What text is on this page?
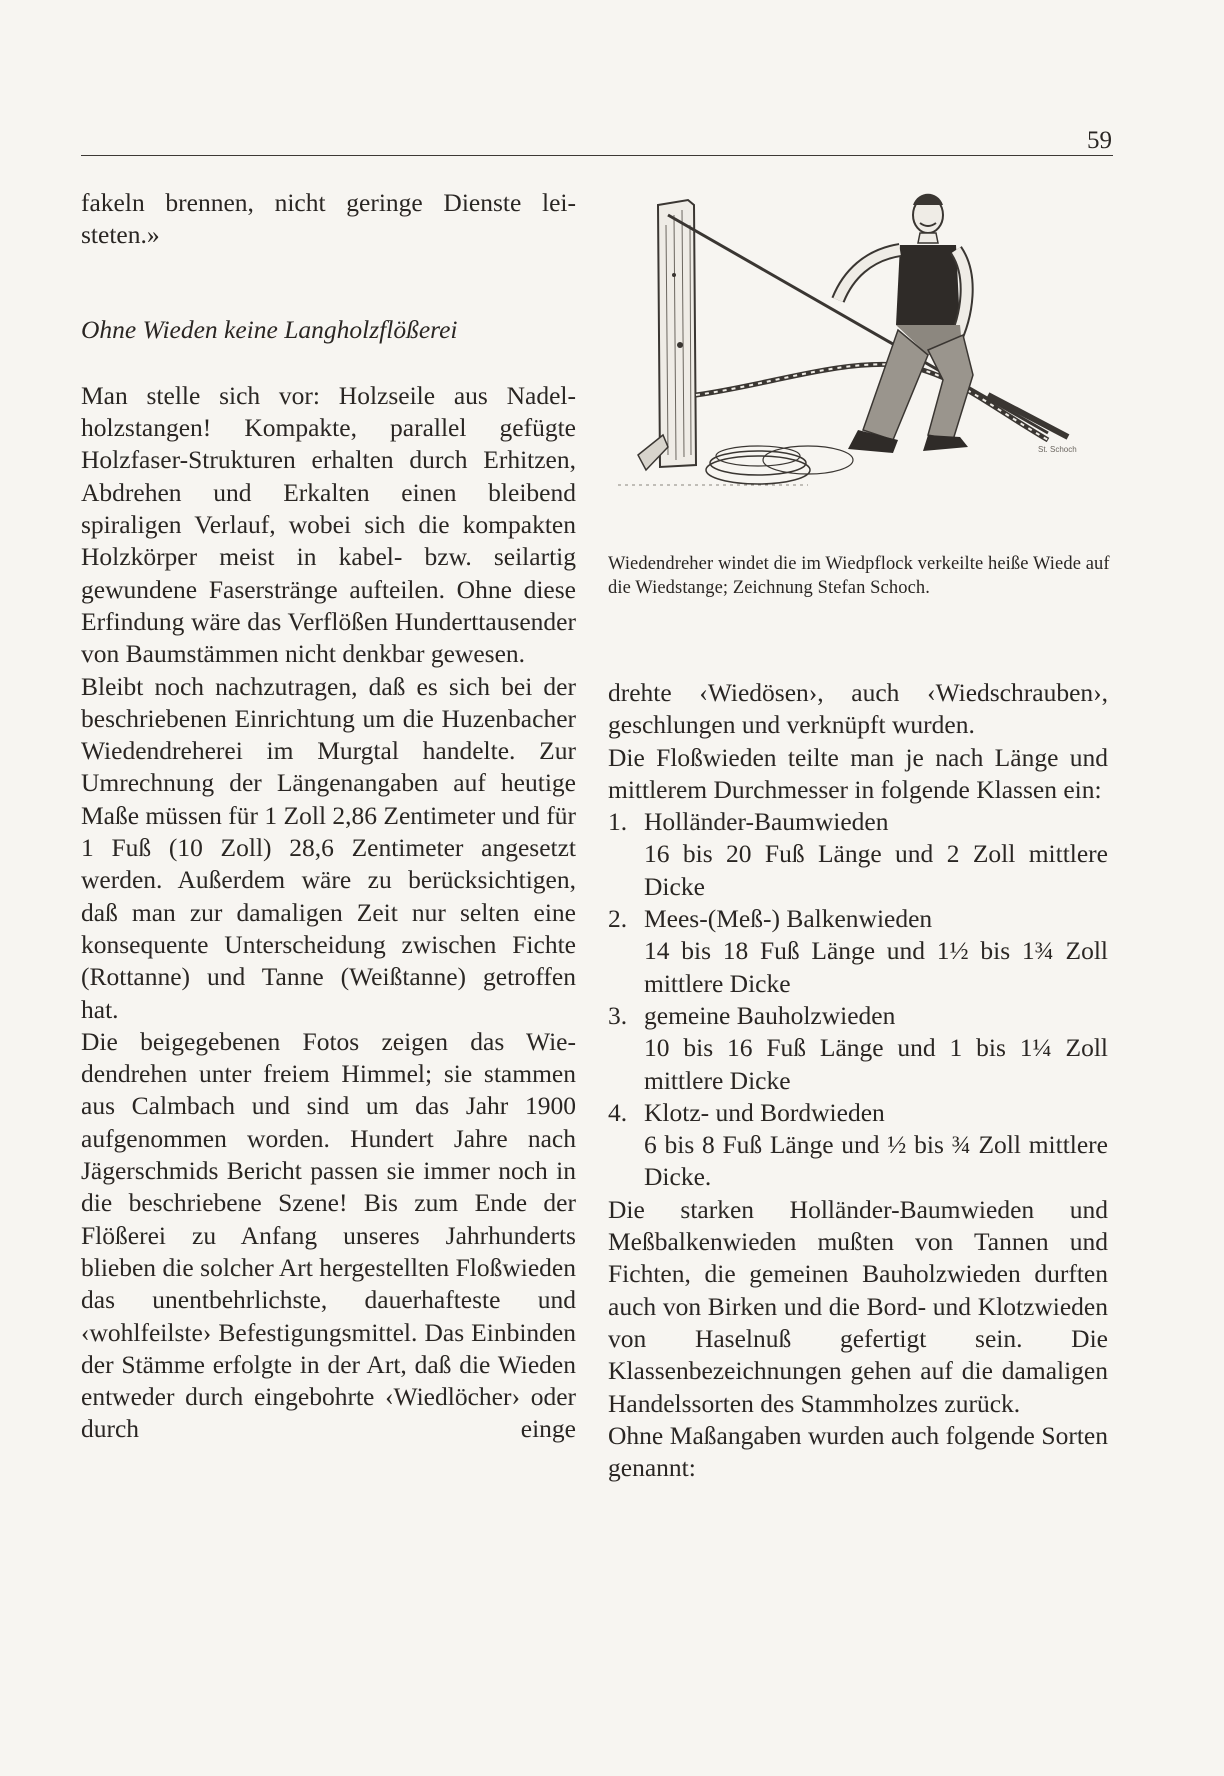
59

fakeln brennen, nicht geringe Dienste lei-

steten.»

Ohne Wieden keine Langholzflößerei

Man stelle sich vor: Holzseile aus Nadelholzstangen! Kompakte, parallel gefügte Holzfaser-Strukturen erhalten durch Erhitzen, Abdrehen und Erkalten einen bleibend spiraligen Verlauf, wobei sich die kompakten Holzkörper meist in kabel- bzw. seilartig gewundene Faserstränge aufteilen. Ohne diese Erfindung wäre das Verflößen Hunderttausender von Baumstämmen nicht denkbar gewesen.

Bleibt noch nachzutragen, daß es sich bei der beschriebenen Einrichtung um die Huzenbacher Wiedendreherei im Murgtal handelte. Zur Umrechnung der Längenangaben auf heutige Maße müssen für 1 Zoll 2,86 Zentimeter und für 1 Fuß (10 Zoll) 28,6 Zentimeter angesetzt werden. Außerdem wäre zu berücksichtigen, daß man zur damaligen Zeit nur selten eine konsequente Unterscheidung zwischen Fichte (Rottanne) und Tanne (Weißtanne) getroffen hat.

Die beigegebenen Fotos zeigen das Wiedendrehen unter freiem Himmel; sie stammen aus Calmbach und sind um das Jahr 1900 aufgenommen worden. Hundert Jahre nach Jägerschmids Bericht passen sie immer noch in die beschriebene Szene! Bis zum Ende der Flößerei zu Anfang unseres Jahrhunderts blieben die solcher Art hergestellten Floßwieden das unentbehrlichste, dauerhafteste und ‹wohlfeilste› Befestigungsmittel. Das Einbinden der Stämme erfolgte in der Art, daß die Wieden entweder durch eingebohrte ‹Wiedlöcher› oder durch einge

St. Schoch
Wiedendreher windet die im Wiedpflock verkeilte heiße Wiede auf die Wiedstange; Zeichnung Stefan Schoch.

drehte ‹Wiedösen›, auch ‹Wiedschrauben›, geschlungen und verknüpft wurden.

Die Floßwieden teilte man je nach Länge und mittlerem Durchmesser in folgende Klassen ein:

1. Holländer-Baumwieden

16 bis 20 Fuß Länge und 2 Zoll mittlere Dicke

2. Mees-(Meß-) Balkenwieden

14 bis 18 Fuß Länge und 1½ bis 1¾ Zoll mittlere Dicke

3. gemeine Bauholzwieden

10 bis 16 Fuß Länge und 1 bis 1¼ Zoll mittlere Dicke

4. Klotz- und Bordwieden

6 bis 8 Fuß Länge und ½ bis ¾ Zoll mittlere Dicke.

Die starken Holländer-Baumwieden und Meßbalkenwieden mußten von Tannen und Fichten, die gemeinen Bauholzwieden durften auch von Birken und die Bord- und Klotzwieden von Haselnuß gefertigt sein. Die Klassenbezeichnungen gehen auf die damaligen Handelssorten des Stammholzes zurück.

Ohne Maßangaben wurden auch folgende Sorten genannt:
